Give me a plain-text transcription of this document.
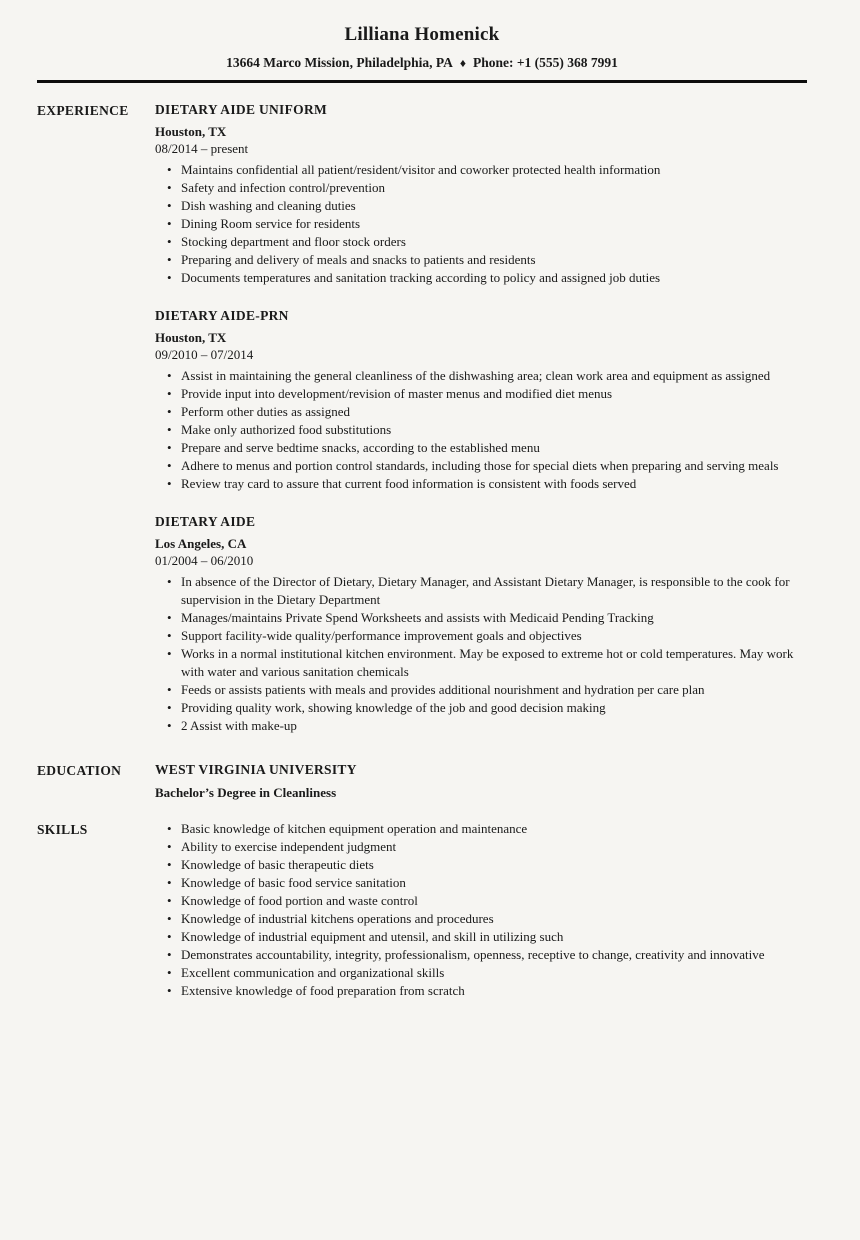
Lilliana Homenick
13664 Marco Mission, Philadelphia, PA ♦ Phone: +1 (555) 368 7991
EXPERIENCE	DIETARY AIDE UNIFORM
Houston, TX
08/2014 – present
• Maintains confidential all patient/resident/visitor and coworker protected health information
• Safety and infection control/prevention
• Dish washing and cleaning duties
• Dining Room service for residents
• Stocking department and floor stock orders
• Preparing and delivery of meals and snacks to patients and residents
• Documents temperatures and sanitation tracking according to policy and assigned job duties
DIETARY AIDE-PRN
Houston, TX
09/2010 – 07/2014
• Assist in maintaining the general cleanliness of the dishwashing area; clean work area and equipment as assigned
• Provide input into development/revision of master menus and modified diet menus
• Perform other duties as assigned
• Make only authorized food substitutions
• Prepare and serve bedtime snacks, according to the established menu
• Adhere to menus and portion control standards, including those for special diets when preparing and serving meals
• Review tray card to assure that current food information is consistent with foods served
DIETARY AIDE
Los Angeles, CA
01/2004 – 06/2010
• In absence of the Director of Dietary, Dietary Manager, and Assistant Dietary Manager, is responsible to the cook for supervision in the Dietary Department
• Manages/maintains Private Spend Worksheets and assists with Medicaid Pending Tracking
• Support facility-wide quality/performance improvement goals and objectives
• Works in a normal institutional kitchen environment. May be exposed to extreme hot or cold temperatures. May work with water and various sanitation chemicals
• Feeds or assists patients with meals and provides additional nourishment and hydration per care plan
• Providing quality work, showing knowledge of the job and good decision making
• 2 Assist with make-up
EDUCATION	WEST VIRGINIA UNIVERSITY
Bachelor’s Degree in Cleanliness
SKILLS	• Basic knowledge of kitchen equipment operation and maintenance
• Ability to exercise independent judgment
• Knowledge of basic therapeutic diets
• Knowledge of basic food service sanitation
• Knowledge of food portion and waste control
• Knowledge of industrial kitchens operations and procedures
• Knowledge of industrial equipment and utensil, and skill in utilizing such
• Demonstrates accountability, integrity, professionalism, openness, receptive to change, creativity and innovative
• Excellent communication and organizational skills
• Extensive knowledge of food preparation from scratch
